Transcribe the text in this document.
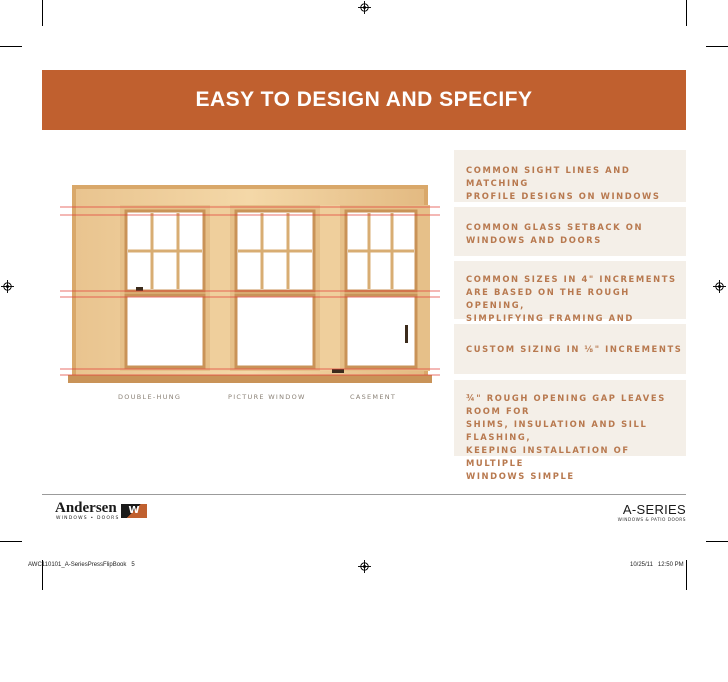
EASY TO DESIGN AND SPECIFY
DOUBLE-HUNG	PICTURE WINDOW	CASEMENT
COMMON SIGHT LINES AND MATCHING
PROFILE DESIGNS ON WINDOWS
COMMON GLASS SETBACK ON
WINDOWS AND DOORS
COMMON SIZES IN 4" INCREMENTS
ARE BASED ON THE ROUGH OPENING,
SIMPLIFYING FRAMING AND
CUSTOM SIZING IN ⅛" INCREMENTS
¾" ROUGH OPENING GAP LEAVES ROOM FOR
SHIMS, INSULATION AND SILL FLASHING,
KEEPING INSTALLATION OF MULTIPLE
WINDOWS SIMPLE
Andersen
WINDOWS • DOORS
W	A-SERIES
WINDOWS & PATIO DOORS
AWC110101_A-SeriesPressFlipBook   5	10/25/11   12:50 PM
